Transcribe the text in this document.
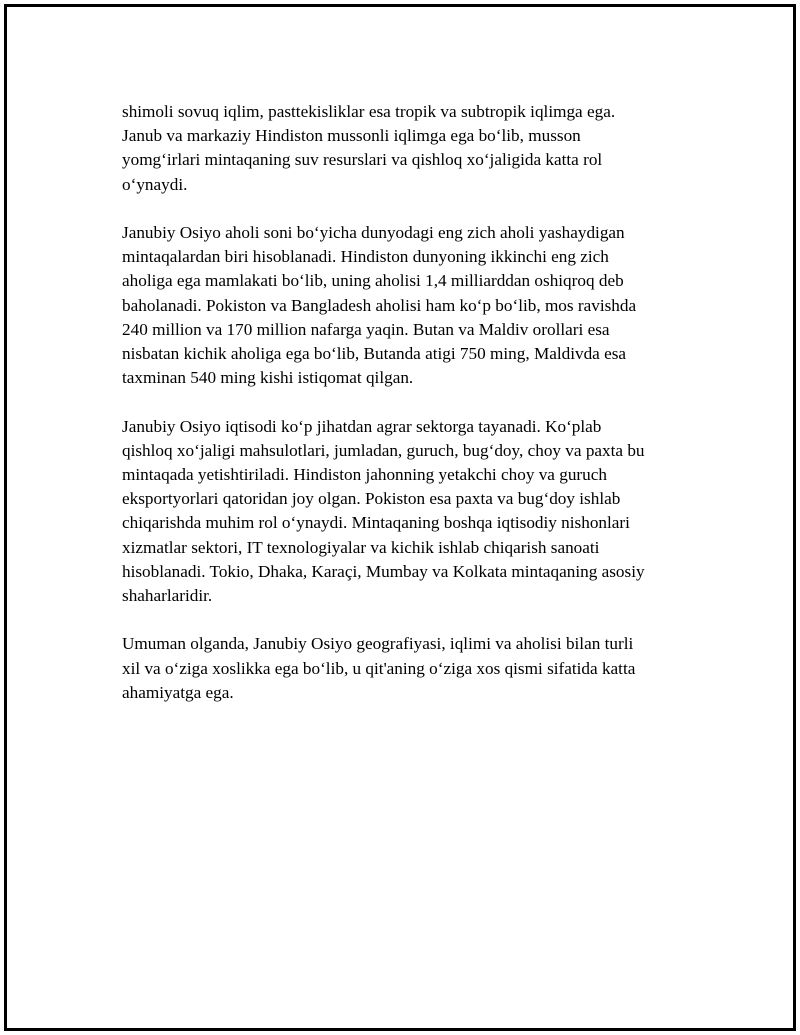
shimoli sovuq iqlim, pasttekisliklar esa tropik va subtropik iqlimga ega.
Janub va markaziy Hindiston mussonli iqlimga ega bo‘lib, musson
yomg‘irlari mintaqaning suv resurslari va qishloq xo‘jaligida katta rol
o‘ynaydi.

Janubiy Osiyo aholi soni bo‘yicha dunyodagi eng zich aholi yashaydigan
mintaqalardan biri hisoblanadi. Hindiston dunyoning ikkinchi eng zich
aholiga ega mamlakati bo‘lib, uning aholisi 1,4 milliarddan oshiqroq deb
baholanadi. Pokiston va Bangladesh aholisi ham ko‘p bo‘lib, mos ravishda
240 million va 170 million nafarga yaqin. Butan va Maldiv orollari esa
nisbatan kichik aholiga ega bo‘lib, Butanda atigi 750 ming, Maldivda esa
taxminan 540 ming kishi istiqomat qilgan.

Janubiy Osiyo iqtisodi ko‘p jihatdan agrar sektorga tayanadi. Ko‘plab
qishloq xo‘jaligi mahsulotlari, jumladan, guruch, bug‘doy, choy va paxta bu
mintaqada yetishtiriladi. Hindiston jahonning yetakchi choy va guruch
eksportyorlari qatoridan joy olgan. Pokiston esa paxta va bug‘doy ishlab
chiqarishda muhim rol o‘ynaydi. Mintaqaning boshqa iqtisodiy nishonlari
xizmatlar sektori, IT texnologiyalar va kichik ishlab chiqarish sanoati
hisoblanadi. Tokio, Dhaka, Karaçi, Mumbay va Kolkata mintaqaning asosiy
shaharlaridir.

Umuman olganda, Janubiy Osiyo geografiyasi, iqlimi va aholisi bilan turli
xil va o‘ziga xoslikka ega bo‘lib, u qit'aning o‘ziga xos qismi sifatida katta
ahamiyatga ega.
